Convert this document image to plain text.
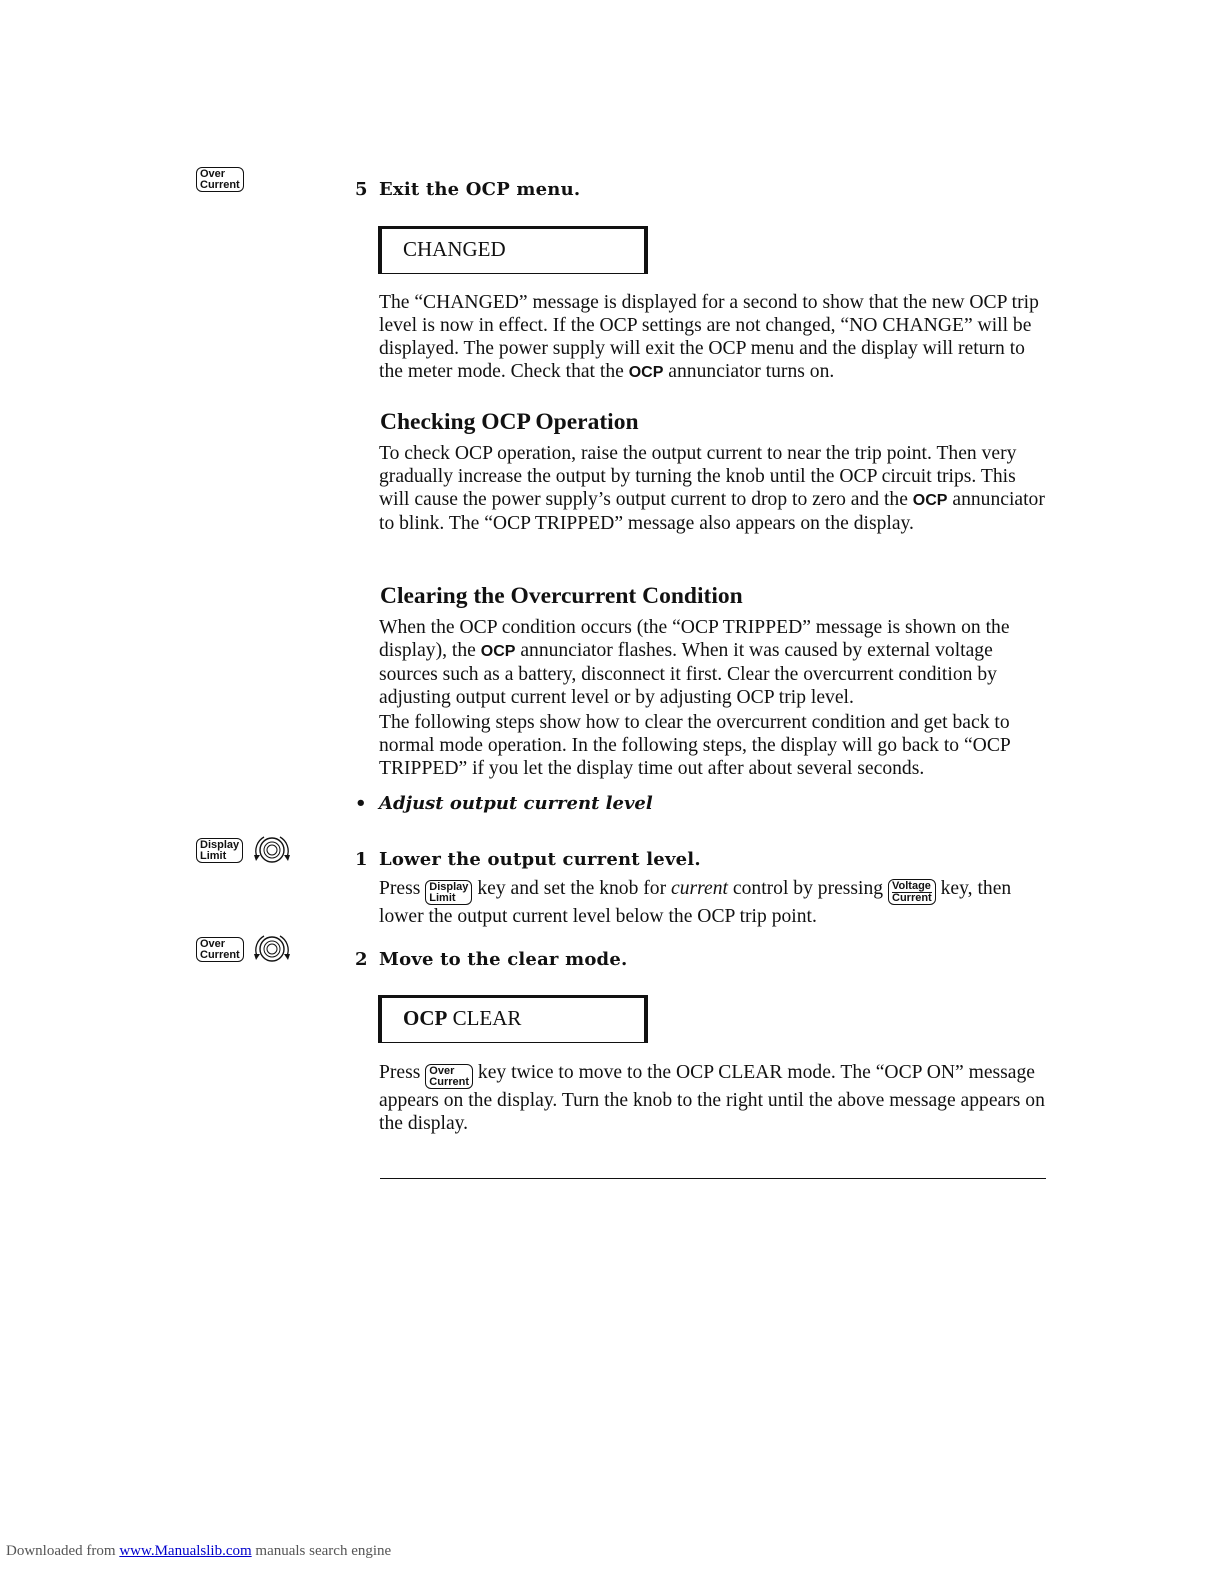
Over
Current	5 Exit the OCP menu.
CHANGED
The “CHANGED” message is displayed for a second to show that the new OCP trip level is now in effect. If the OCP settings are not changed, “NO CHANGE” will be displayed. The power supply will exit the OCP menu and the display will return to the meter mode. Check that the OCP annunciator turns on.
Checking OCP Operation
To check OCP operation, raise the output current to near the trip point. Then very gradually increase the output by turning the knob until the OCP circuit trips. This will cause the power supply’s output current to drop to zero and the OCP annunciator to blink. The “OCP TRIPPED” message also appears on the display.
Clearing the Overcurrent Condition
When the OCP condition occurs (the “OCP TRIPPED” message is shown on the display), the OCP annunciator flashes. When it was caused by external voltage sources such as a battery, disconnect it first. Clear the overcurrent condition by adjusting output current level or by adjusting OCP trip level.
The following steps show how to clear the overcurrent condition and get back to normal mode operation. In the following steps, the display will go back to “OCP TRIPPED” if you let the display time out after about several seconds.
• Adjust output current level
Display
Limit	1 Lower the output current level.
Press Display
Limit key and set the knob for current control by pressing Voltage
Current key, then lower the output current level below the OCP trip point.
Over
Current	2 Move to the clear mode.
OCP CLEAR
Press Over
Current key twice to move to the OCP CLEAR mode. The “OCP ON” message appears on the display. Turn the knob to the right until the above message appears on the display.
Downloaded from www.Manualslib.com manuals search engine
